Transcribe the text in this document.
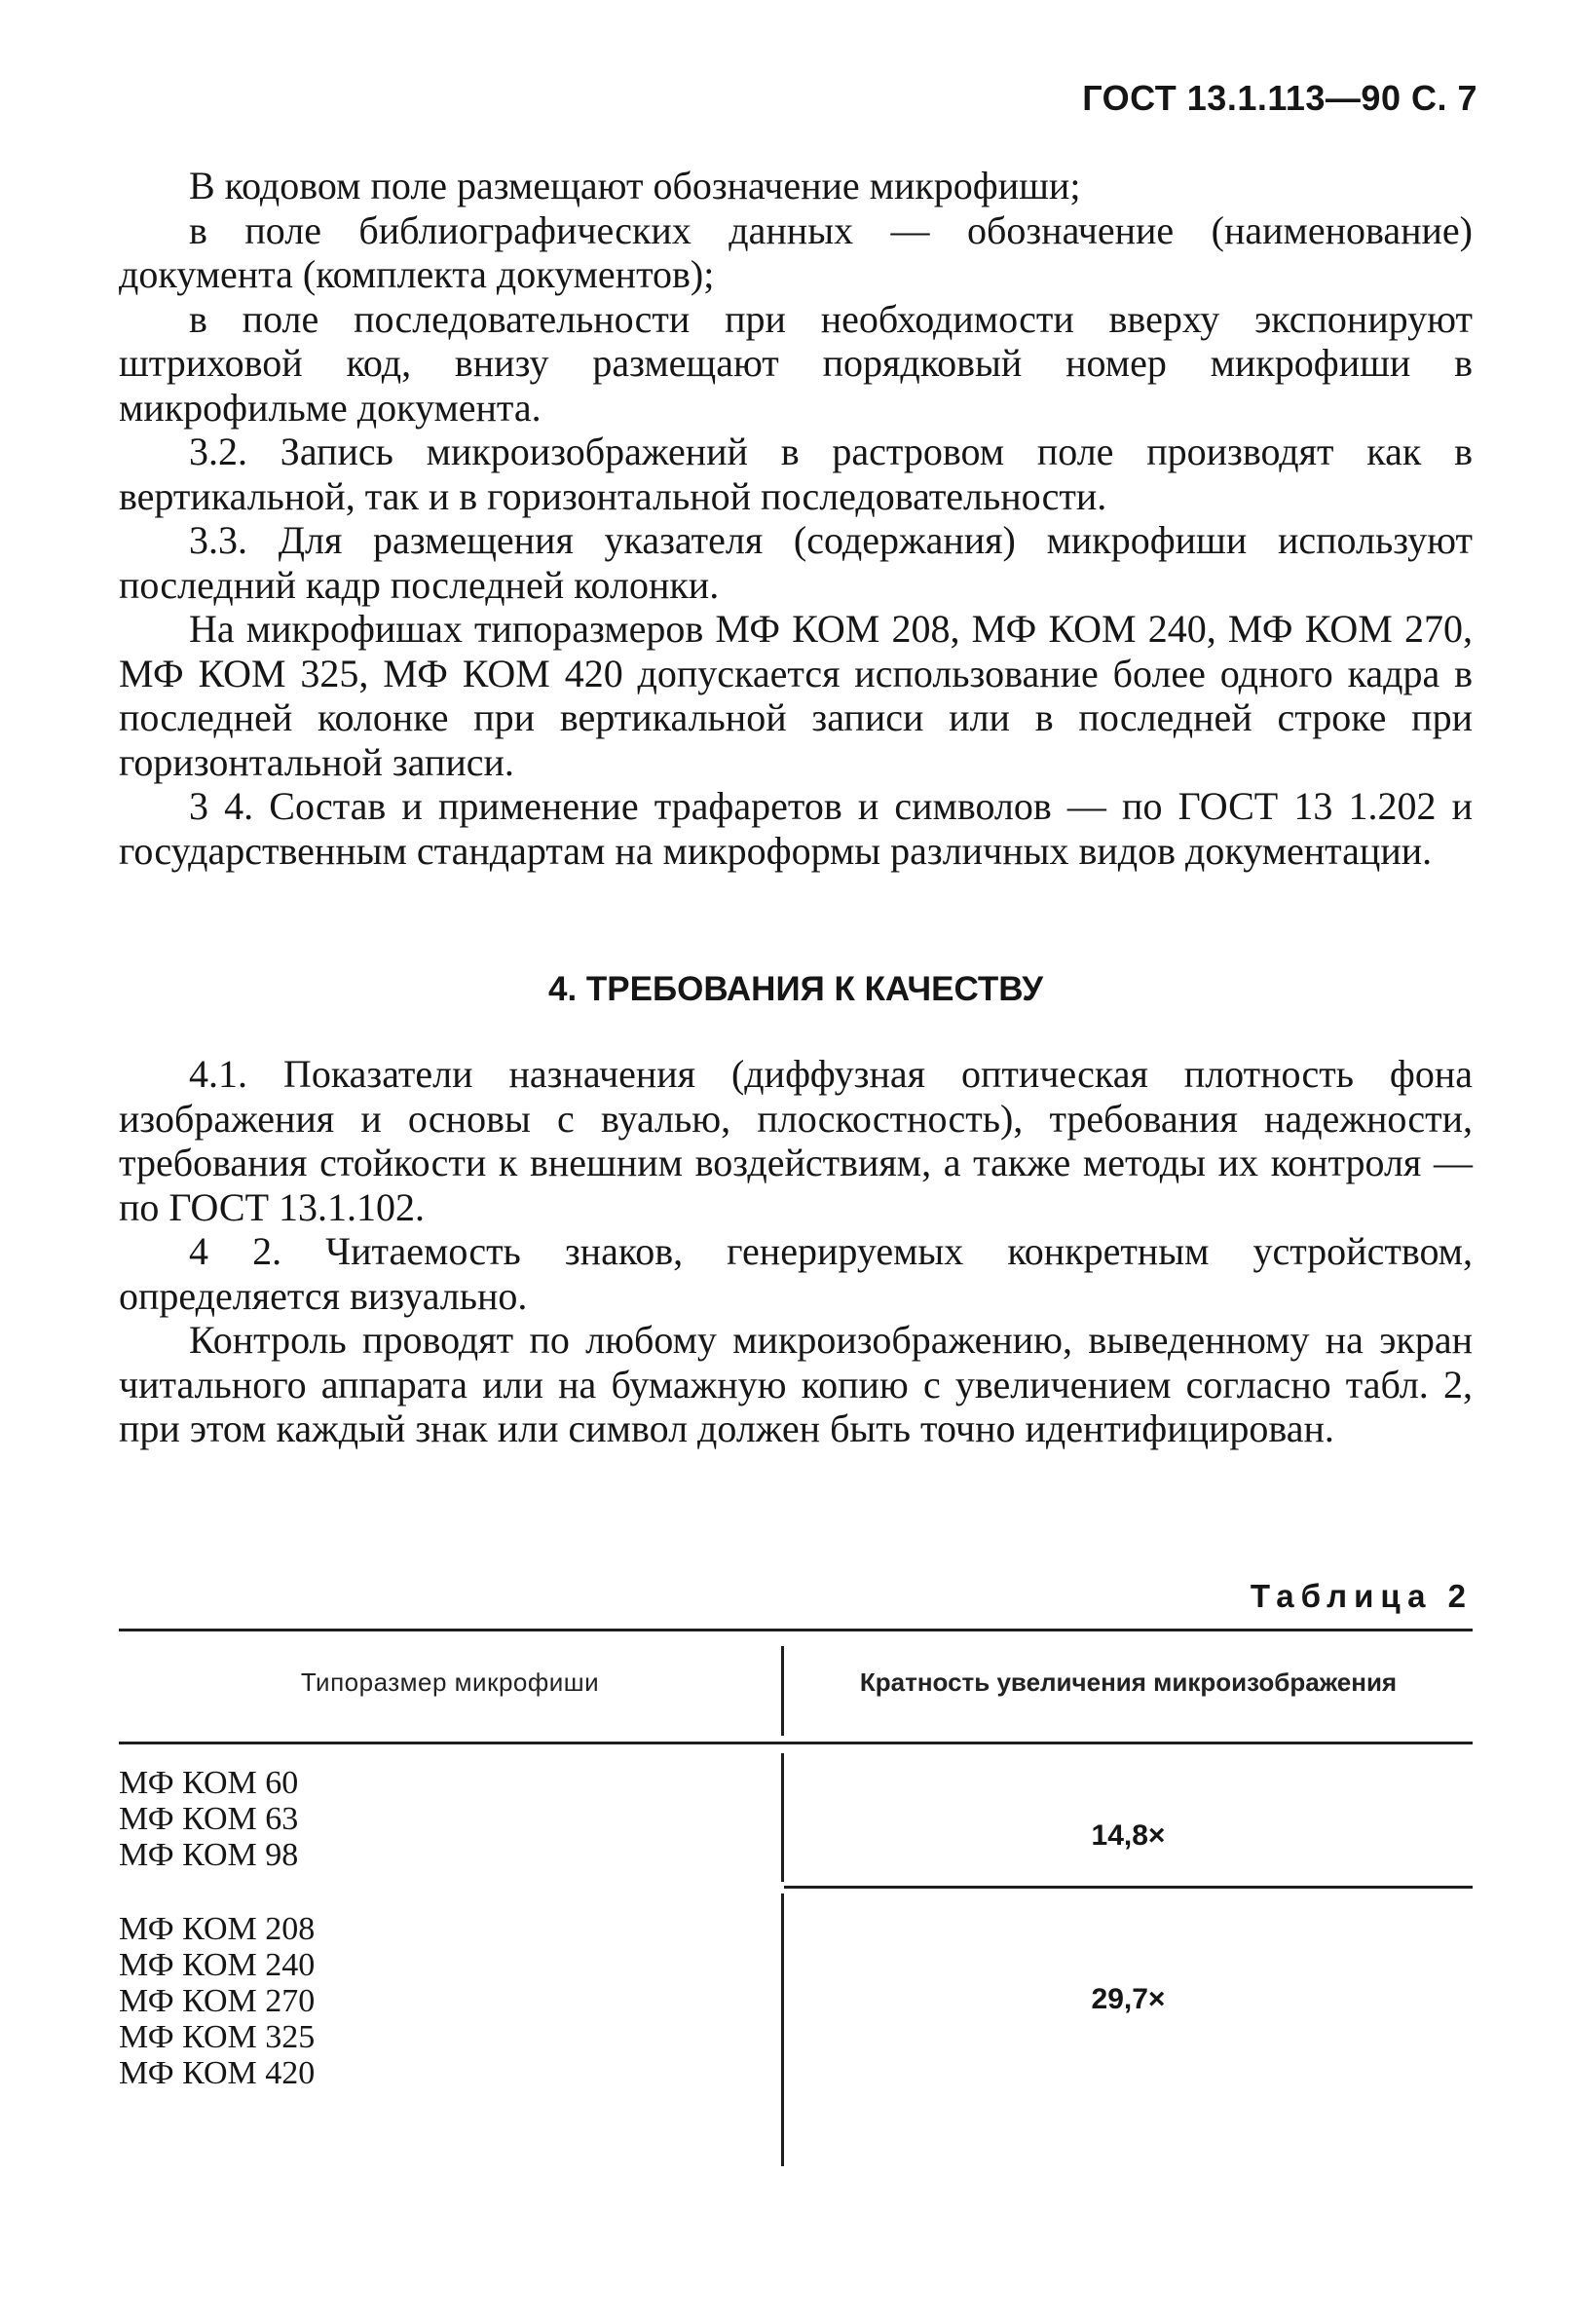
ГОСТ 13.1.113—90 С. 7

В кодовом поле размещают обозначение микрофиши;

в поле библиографических данных — обозначение (наименование) документа (комплекта документов);

в поле последовательности при необходимости вверху экспонируют штриховой код, внизу размещают порядковый номер микрофиши в микрофильме документа.

3.2. Запись микроизображений в растровом поле производят как в вертикальной, так и в горизонтальной последовательности.

3.3. Для размещения указателя (содержания) микрофиши используют последний кадр последней колонки.

На микрофишах типоразмеров МФ КОМ 208, МФ КОМ 240, МФ КОМ 270, МФ КОМ 325, МФ КОМ 420 допускается использование более одного кадра в последней колонке при вертикальной записи или в последней строке при горизонтальной записи.

3 4. Состав и применение трафаретов и символов — по ГОСТ 13 1.202 и государственным стандартам на микроформы различных видов документации.

4. ТРЕБОВАНИЯ К КАЧЕСТВУ

4.1. Показатели назначения (диффузная оптическая плотность фона изображения и основы с вуалью, плоскостность), требования надежности, требования стойкости к внешним воздействиям, а также методы их контроля — по ГОСТ 13.1.102.

4 2. Читаемость знаков, генерируемых конкретным устройством, определяется визуально.

Контроль проводят по любому микроизображению, выведенному на экран читального аппарата или на бумажную копию с увеличением согласно табл. 2, при этом каждый знак или символ должен быть точно идентифицирован.

Таблица 2
Типоразмер микрофиши	Кратность увеличения микроизображения
МФ КОМ 60
МФ КОМ 63
МФ КОМ 98
14,8×
МФ КОМ 208
МФ КОМ 240
МФ КОМ 270
МФ КОМ 325
МФ КОМ 420
29,7×
